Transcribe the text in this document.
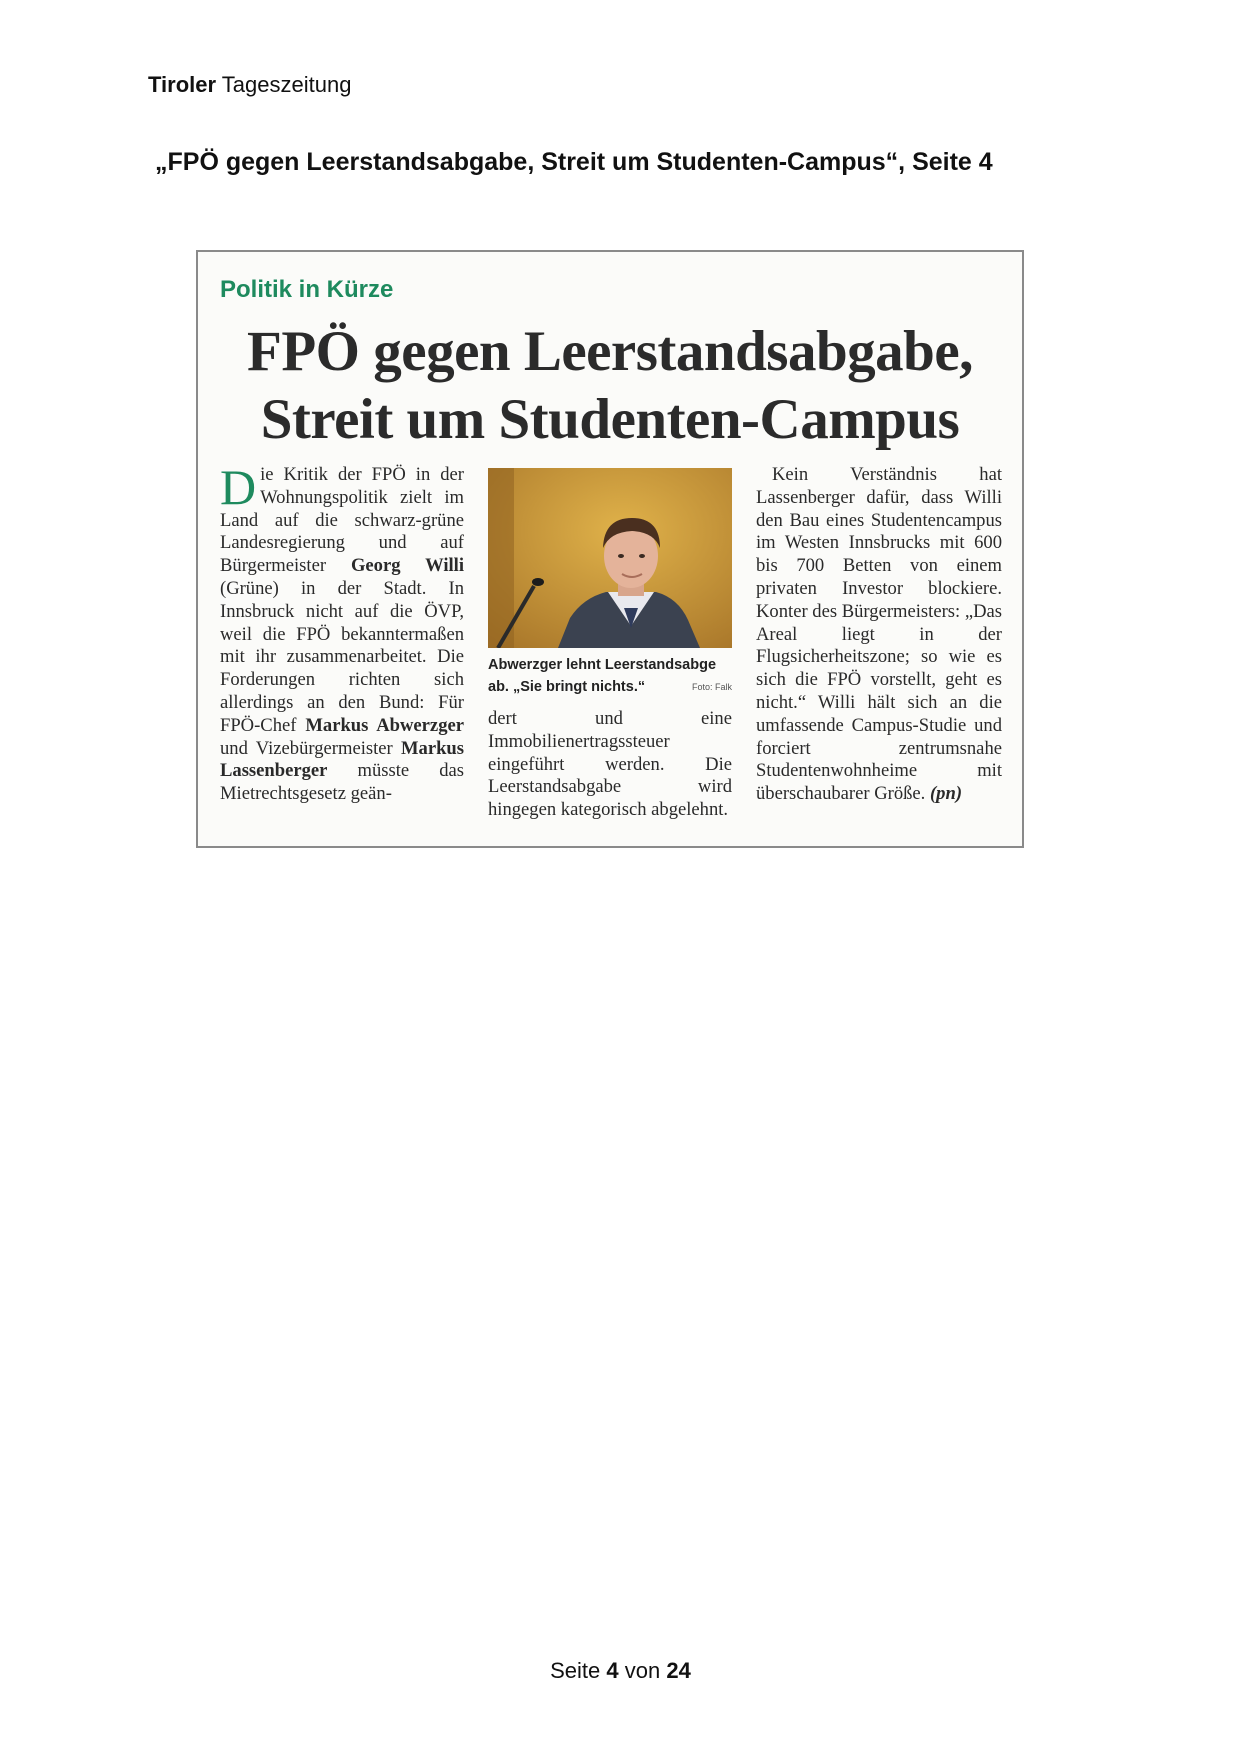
Tiroler Tageszeitung
„FPÖ gegen Leerstandsabgabe, Streit um Studenten-Campus“, Seite 4
Politik in Kürze
FPÖ gegen Leerstandsabgabe,
Streit um Studenten-Campus

Die Kritik der FPÖ in der Wohnungspolitik zielt im Land auf die schwarz-grüne Landesregierung und auf Bürgermeister Georg Willi (Grüne) in der Stadt. In Innsbruck nicht auf die ÖVP, weil die FPÖ bekanntermaßen mit ihr zusammenarbeitet. Die Forderungen richten sich allerdings an den Bund: Für FPÖ-Chef Markus Abwerzger und Vizebürgermeister Markus Lassenberger müsste das Mietrechtsgesetz geän-

Abwerzger lehnt Leerstandsabge ab. „Sie bringt nichts.“	Foto: Falk

dert und eine Immobilienertragssteuer eingeführt werden. Die Leerstandsabgabe wird hingegen kategorisch abgelehnt.

Kein Verständnis hat Lassenberger dafür, dass Willi den Bau eines Studentencampus im Westen Innsbrucks mit 600 bis 700 Betten von einem privaten Investor blockiere. Konter des Bürgermeisters: „Das Areal liegt in der Flugsicherheitszone; so wie es sich die FPÖ vorstellt, geht es nicht.“ Willi hält sich an die umfassende Campus-Studie und forciert zentrumsnahe Studentenwohnheime mit überschaubarer Größe. (pn)

Seite 4 von 24
